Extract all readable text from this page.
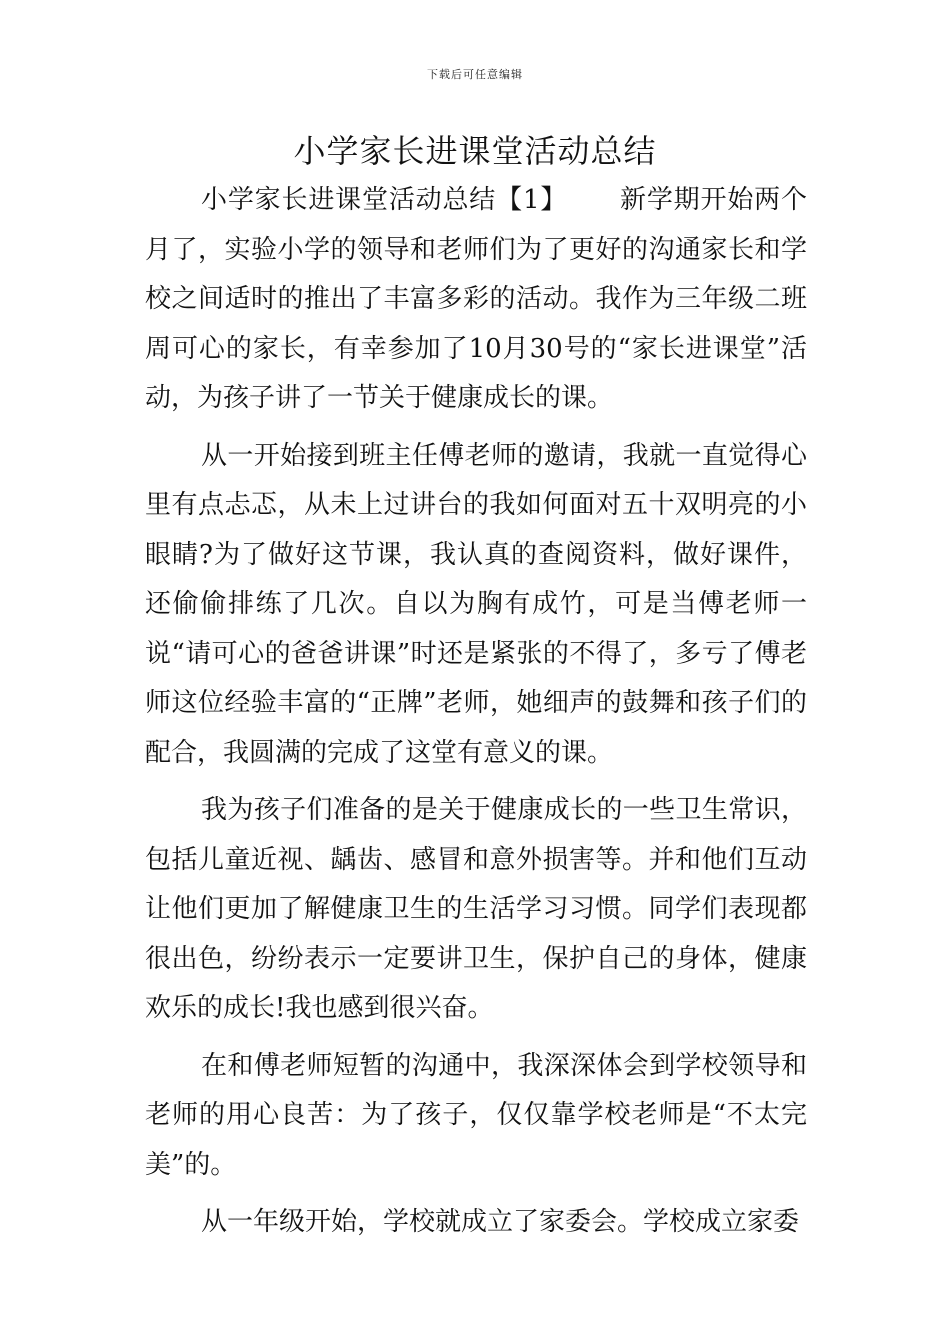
下载后可任意编辑
小学家长进课堂活动总结

小学家长进课堂活动总结【1】 新学期开始两个月了，实验小学的领导和老师们为了更好的沟通家长和学校之间适时的推出了丰富多彩的活动。我作为三年级二班周可心的家长，有幸参加了10月30号的“家长进课堂”活动，为孩子讲了一节关于健康成长的课。

从一开始接到班主任傅老师的邀请，我就一直觉得心里有点忐忑，从未上过讲台的我如何面对五十双明亮的小眼睛?为了做好这节课，我认真的查阅资料，做好课件，还偷偷排练了几次。自以为胸有成竹，可是当傅老师一说“请可心的爸爸讲课”时还是紧张的不得了，多亏了傅老师这位经验丰富的“正牌”老师，她细声的鼓舞和孩子们的配合，我圆满的完成了这堂有意义的课。

我为孩子们准备的是关于健康成长的一些卫生常识，包括儿童近视、龋齿、感冒和意外损害等。并和他们互动让他们更加了解健康卫生的生活学习习惯。同学们表现都很出色，纷纷表示一定要讲卫生，保护自己的身体，健康欢乐的成长!我也感到很兴奋。

在和傅老师短暂的沟通中，我深深体会到学校领导和老师的用心良苦：为了孩子，仅仅靠学校老师是“不太完美”的。

从一年级开始，学校就成立了家委会。学校成立家委
